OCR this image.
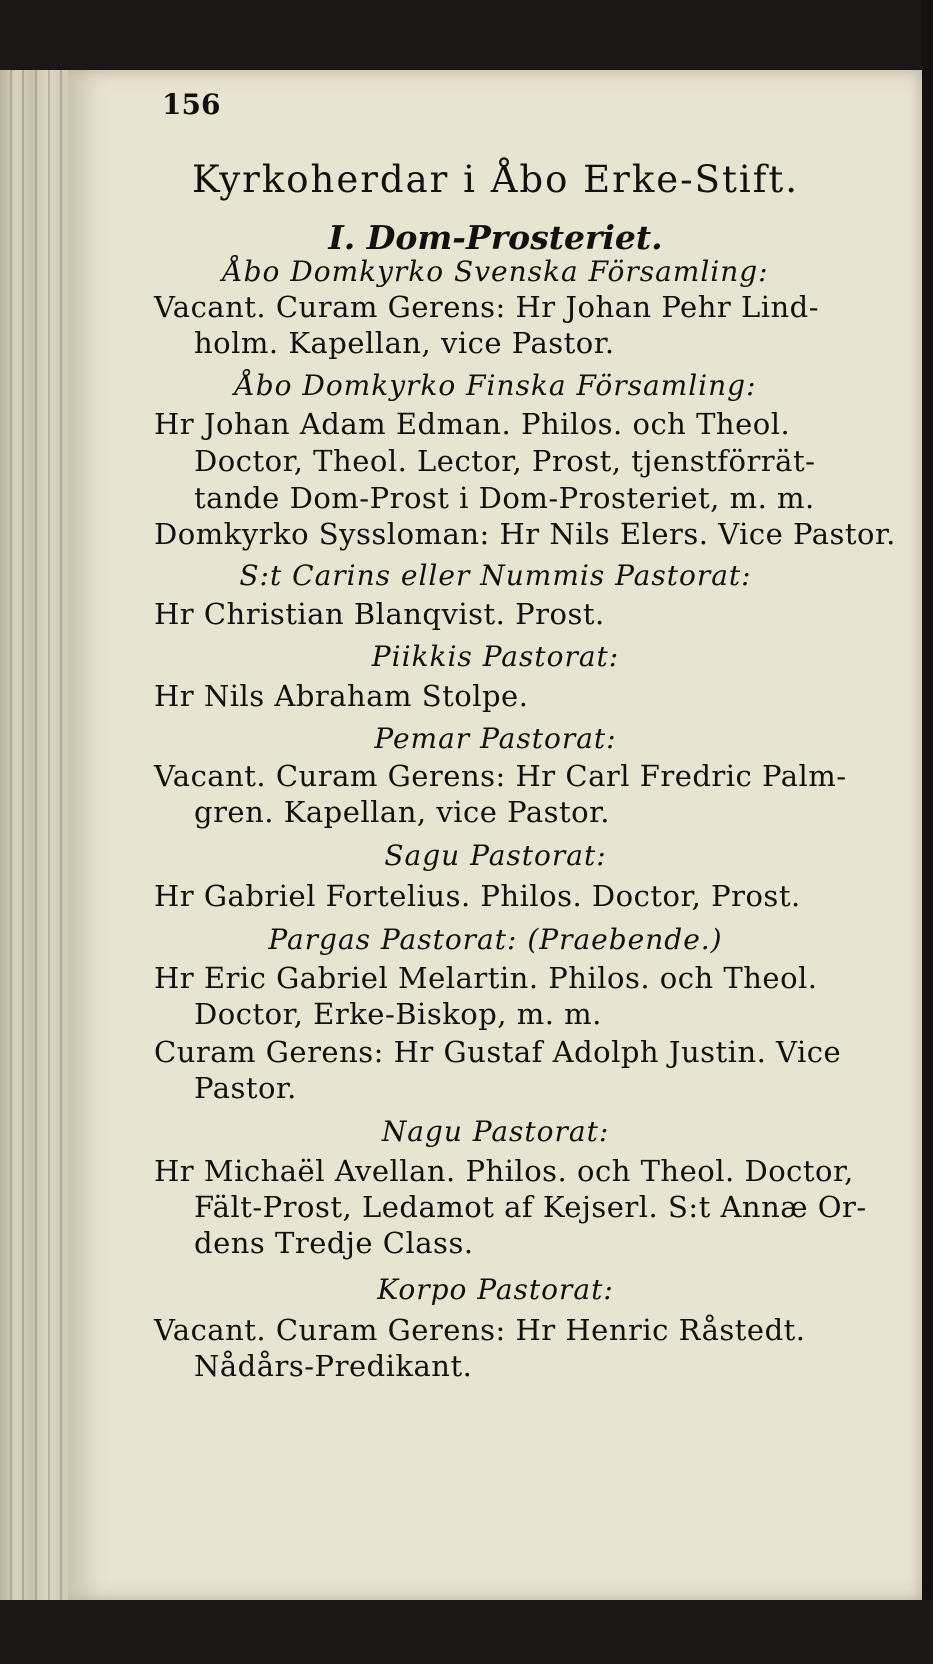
156
Kyrkoherdar i Åbo Erke-Stift.
I. Dom-Prosteriet.
Åbo Domkyrko Svenska Församling:
Vacant. Curam Gerens: Hr Johan Pehr Lind-
holm. Kapellan, vice Pastor.
Åbo Domkyrko Finska Församling:
Hr Johan Adam Edman. Philos. och Theol.
Doctor, Theol. Lector, Prost, tjenstförrät-
tande Dom-Prost i Dom-Prosteriet, m. m.
Domkyrko Syssloman: Hr Nils Elers. Vice Pastor.
S:t Carins eller Nummis Pastorat:
Hr Christian Blanqvist. Prost.
Piikkis Pastorat:
Hr Nils Abraham Stolpe.
Pemar Pastorat:
Vacant. Curam Gerens: Hr Carl Fredric Palm-
gren. Kapellan, vice Pastor.
Sagu Pastorat:
Hr Gabriel Fortelius. Philos. Doctor, Prost.
Pargas Pastorat: (Praebende.)
Hr Eric Gabriel Melartin. Philos. och Theol.
Doctor, Erke-Biskop, m. m.
Curam Gerens: Hr Gustaf Adolph Justin. Vice
Pastor.
Nagu Pastorat:
Hr Michaël Avellan. Philos. och Theol. Doctor,
Fält-Prost, Ledamot af Kejserl. S:t Annæ Or-
dens Tredje Class.
Korpo Pastorat:
Vacant. Curam Gerens: Hr Henric Råstedt.
Nådårs-Predikant.
